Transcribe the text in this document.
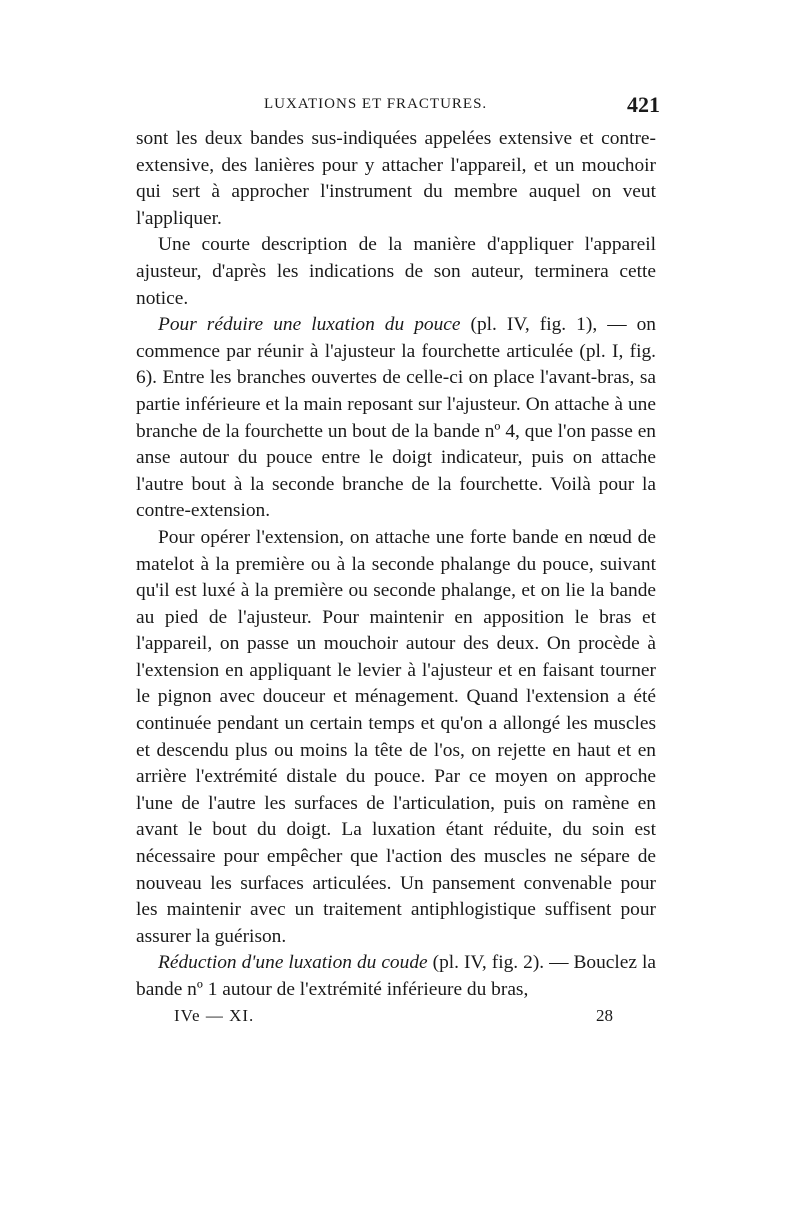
LUXATIONS ET FRACTURES.	421

sont les deux bandes sus-indiquées appelées extensive et contre-extensive, des lanières pour y attacher l'appareil, et un mouchoir qui sert à approcher l'instrument du membre auquel on veut l'appliquer.

Une courte description de la manière d'appliquer l'appareil ajusteur, d'après les indications de son auteur, terminera cette notice.

Pour réduire une luxation du pouce (pl. IV, fig. 1), — on commence par réunir à l'ajusteur la fourchette articulée (pl. I, fig. 6). Entre les branches ouvertes de celle-ci on place l'avant-bras, sa partie inférieure et la main reposant sur l'ajusteur. On attache à une branche de la fourchette un bout de la bande nº 4, que l'on passe en anse autour du pouce entre le doigt indicateur, puis on attache l'autre bout à la seconde branche de la fourchette. Voilà pour la contre-extension.

Pour opérer l'extension, on attache une forte bande en nœud de matelot à la première ou à la seconde phalange du pouce, suivant qu'il est luxé à la première ou seconde phalange, et on lie la bande au pied de l'ajusteur. Pour maintenir en apposition le bras et l'appareil, on passe un mouchoir autour des deux. On procède à l'extension en appliquant le levier à l'ajusteur et en faisant tourner le pignon avec douceur et ménagement. Quand l'extension a été continuée pendant un certain temps et qu'on a allongé les muscles et descendu plus ou moins la tête de l'os, on rejette en haut et en arrière l'extrémité distale du pouce. Par ce moyen on approche l'une de l'autre les surfaces de l'articulation, puis on ramène en avant le bout du doigt. La luxation étant réduite, du soin est nécessaire pour empêcher que l'action des muscles ne sépare de nouveau les surfaces articulées. Un pansement convenable pour les maintenir avec un traitement antiphlogistique suffisent pour assurer la guérison.

Réduction d'une luxation du coude (pl. IV, fig. 2). — Bouclez la bande nº 1 autour de l'extrémité inférieure du bras,

IVe — XI.	28
